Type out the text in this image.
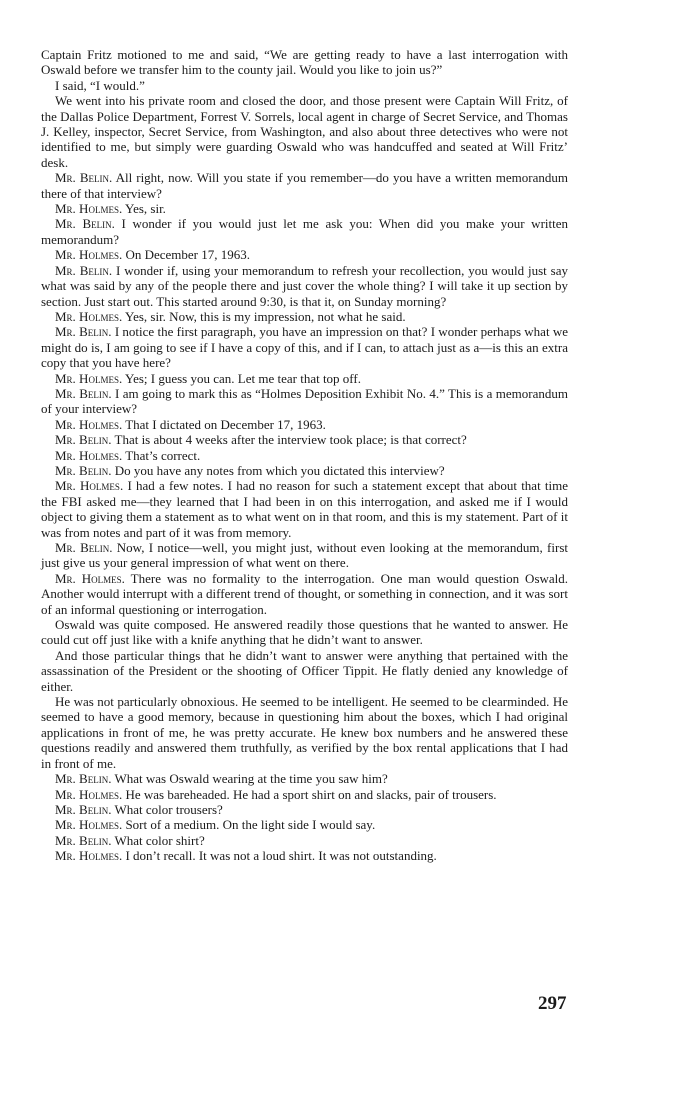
Captain Fritz motioned to me and said, “We are getting ready to have a last interrogation with Oswald before we transfer him to the county jail. Would you like to join us?”

I said, “I would.”

We went into his private room and closed the door, and those present were Captain Will Fritz, of the Dallas Police Department, Forrest V. Sorrels, local agent in charge of Secret Service, and Thomas J. Kelley, inspector, Secret Service, from Washington, and also about three detectives who were not identified to me, but simply were guarding Oswald who was handcuffed and seated at Will Fritz’ desk.

Mr. Belin. All right, now. Will you state if you remember—do you have a written memorandum there of that interview?

Mr. Holmes. Yes, sir.

Mr. Belin. I wonder if you would just let me ask you: When did you make your written memorandum?

Mr. Holmes. On December 17, 1963.

Mr. Belin. I wonder if, using your memorandum to refresh your recollection, you would just say what was said by any of the people there and just cover the whole thing? I will take it up section by section. Just start out. This started around 9:30, is that it, on Sunday morning?

Mr. Holmes. Yes, sir. Now, this is my impression, not what he said.

Mr. Belin. I notice the first paragraph, you have an impression on that? I wonder perhaps what we might do is, I am going to see if I have a copy of this, and if I can, to attach just as a—is this an extra copy that you have here?

Mr. Holmes. Yes; I guess you can. Let me tear that top off.

Mr. Belin. I am going to mark this as “Holmes Deposition Exhibit No. 4.” This is a memorandum of your interview?

Mr. Holmes. That I dictated on December 17, 1963.

Mr. Belin. That is about 4 weeks after the interview took place; is that correct?

Mr. Holmes. That’s correct.

Mr. Belin. Do you have any notes from which you dictated this interview?

Mr. Holmes. I had a few notes. I had no reason for such a statement except that about that time the FBI asked me—they learned that I had been in on this interrogation, and asked me if I would object to giving them a statement as to what went on in that room, and this is my statement. Part of it was from notes and part of it was from memory.

Mr. Belin. Now, I notice—well, you might just, without even looking at the memorandum, first just give us your general impression of what went on there.

Mr. Holmes. There was no formality to the interrogation. One man would question Oswald. Another would interrupt with a different trend of thought, or something in connection, and it was sort of an informal questioning or interrogation.

Oswald was quite composed. He answered readily those questions that he wanted to answer. He could cut off just like with a knife anything that he didn’t want to answer.

And those particular things that he didn’t want to answer were anything that pertained with the assassination of the President or the shooting of Officer Tippit. He flatly denied any knowledge of either.

He was not particularly obnoxious. He seemed to be intelligent. He seemed to be clearminded. He seemed to have a good memory, because in questioning him about the boxes, which I had original applications in front of me, he was pretty accurate. He knew box numbers and he answered these questions readily and answered them truthfully, as verified by the box rental applications that I had in front of me.

Mr. Belin. What was Oswald wearing at the time you saw him?

Mr. Holmes. He was bareheaded. He had a sport shirt on and slacks, pair of trousers.

Mr. Belin. What color trousers?

Mr. Holmes. Sort of a medium. On the light side I would say.

Mr. Belin. What color shirt?

Mr. Holmes. I don’t recall. It was not a loud shirt. It was not outstanding.

297
